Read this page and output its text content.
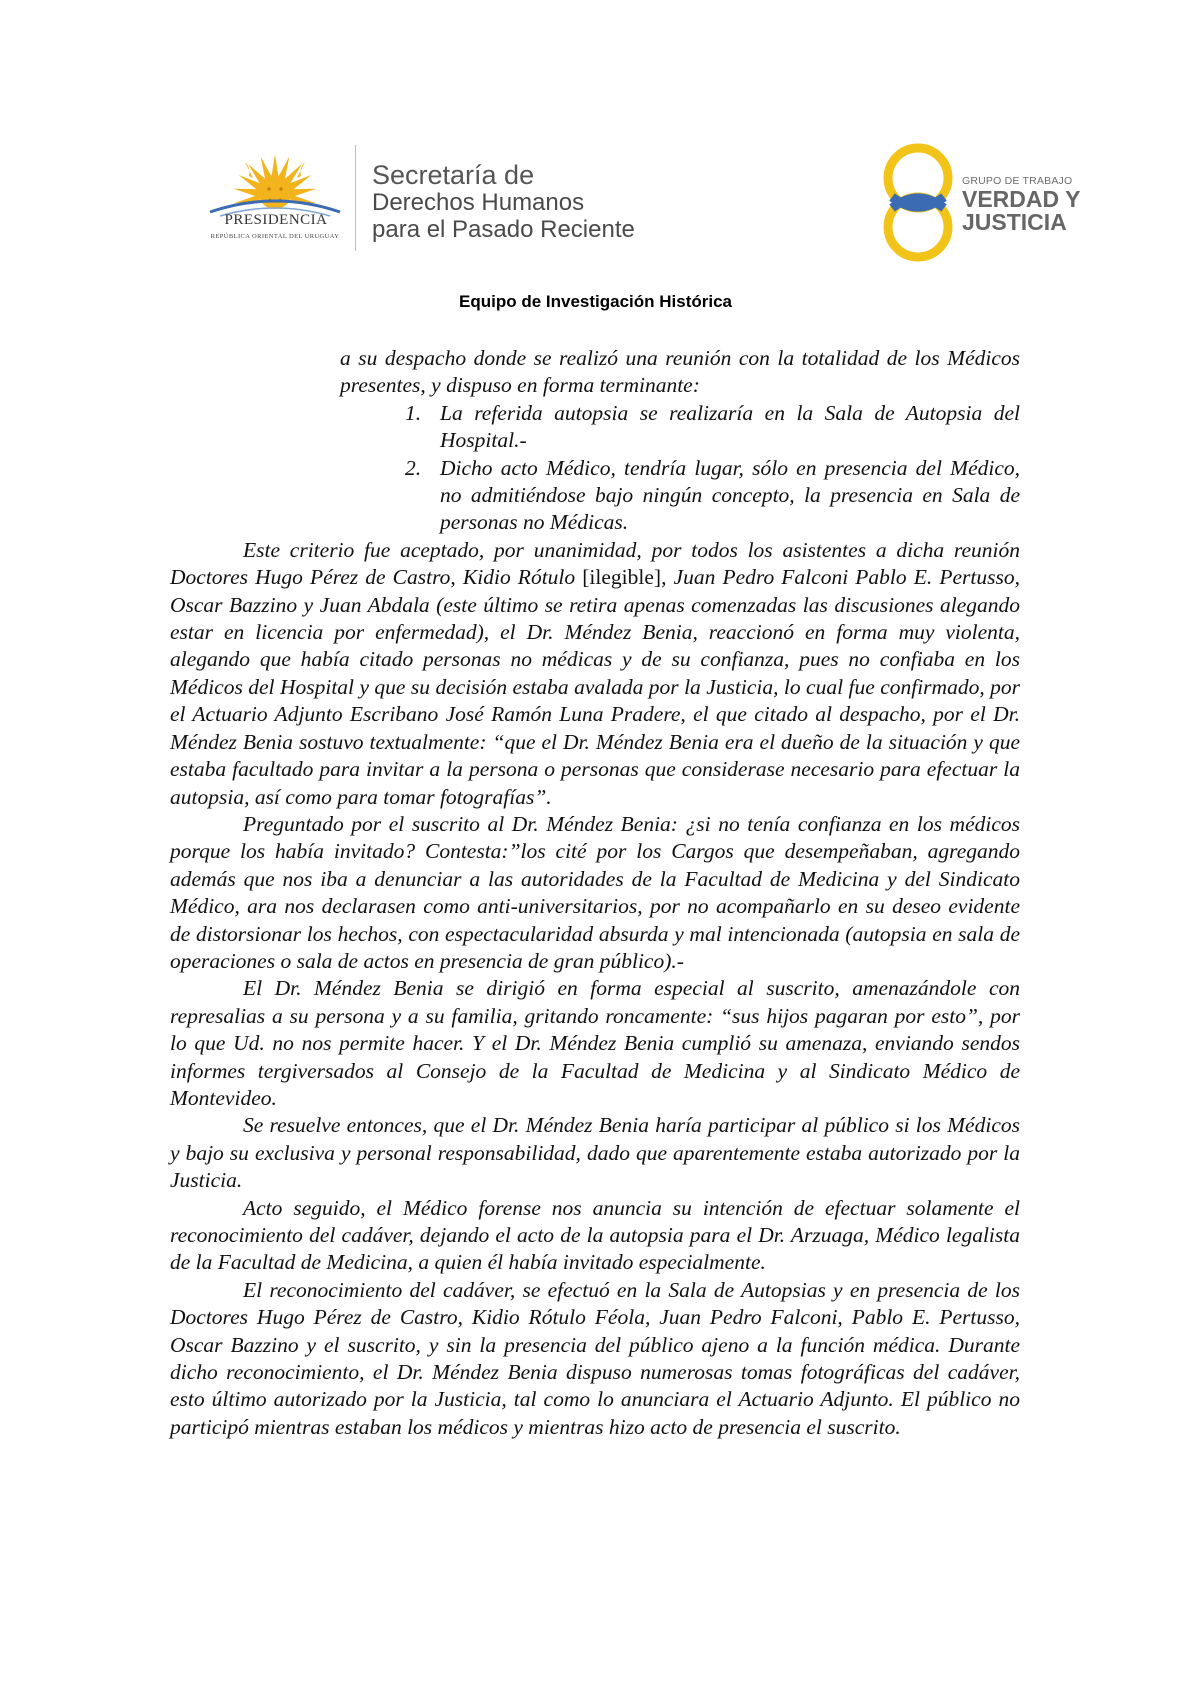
PRESIDENCIA
REPÚBLICA ORIENTAL DEL URUGUAY
Secretaría de
Derechos Humanos
para el Pasado Reciente
GRUPO DE TRABAJO
VERDAD Y
JUSTICIA
Equipo de Investigación Histórica

a su despacho donde se realizó una reunión con la totalidad de los Médicos presentes, y dispuso en forma terminante:

1. La referida autopsia se realizaría en la Sala de Autopsia del Hospital.-
2. Dicho acto Médico, tendría lugar, sólo en presencia del Médico, no admitiéndose bajo ningún concepto, la presencia en Sala de personas no Médicas.

Este criterio fue aceptado, por unanimidad, por todos los asistentes a dicha reunión Doctores Hugo Pérez de Castro, Kidio Rótulo [ilegible], Juan Pedro Falconi Pablo E. Pertusso, Oscar Bazzino y Juan Abdala (este último se retira apenas comenzadas las discusiones alegando estar en licencia por enfermedad), el Dr. Méndez Benia, reaccionó en forma muy violenta, alegando que había citado personas no médicas y de su confianza, pues no confiaba en los Médicos del Hospital y que su decisión estaba avalada por la Justicia, lo cual fue confirmado, por el Actuario Adjunto Escribano José Ramón Luna Pradere, el que citado al despacho, por el Dr. Méndez Benia sostuvo textualmente: “que el Dr. Méndez Benia era el dueño de la situación y que estaba facultado para invitar a la persona o personas que considerase necesario para efectuar la autopsia, así como para tomar fotografías”.

Preguntado por el suscrito al Dr. Méndez Benia: ¿si no tenía confianza en los médicos porque los había invitado? Contesta:”los cité por los Cargos que desempeñaban, agregando además que nos iba a denunciar a las autoridades de la Facultad de Medicina y del Sindicato Médico, ara nos declarasen como anti-universitarios, por no acompañarlo en su deseo evidente de distorsionar los hechos, con espectacularidad absurda y mal intencionada (autopsia en sala de operaciones o sala de actos en presencia de gran público).-

El Dr. Méndez Benia se dirigió en forma especial al suscrito, amenazándole con represalias a su persona y a su familia, gritando roncamente: “sus hijos pagaran por esto”, por lo que Ud. no nos permite hacer. Y el Dr. Méndez Benia cumplió su amenaza, enviando sendos informes tergiversados al Consejo de la Facultad de Medicina y al Sindicato Médico de Montevideo.

Se resuelve entonces, que el Dr. Méndez Benia haría participar al público si los Médicos y bajo su exclusiva y personal responsabilidad, dado que aparentemente estaba autorizado por la Justicia.

Acto seguido, el Médico forense nos anuncia su intención de efectuar solamente el reconocimiento del cadáver, dejando el acto de la autopsia para el Dr. Arzuaga, Médico legalista de la Facultad de Medicina, a quien él había invitado especialmente.

El reconocimiento del cadáver, se efectuó en la Sala de Autopsias y en presencia de los Doctores Hugo Pérez de Castro, Kidio Rótulo Féola, Juan Pedro Falconi, Pablo E. Pertusso, Oscar Bazzino y el suscrito, y sin la presencia del público ajeno a la función médica. Durante dicho reconocimiento, el Dr. Méndez Benia dispuso numerosas tomas fotográficas del cadáver, esto último autorizado por la Justicia, tal como lo anunciara el Actuario Adjunto. El público no participó mientras estaban los médicos y mientras hizo acto de presencia el suscrito.
